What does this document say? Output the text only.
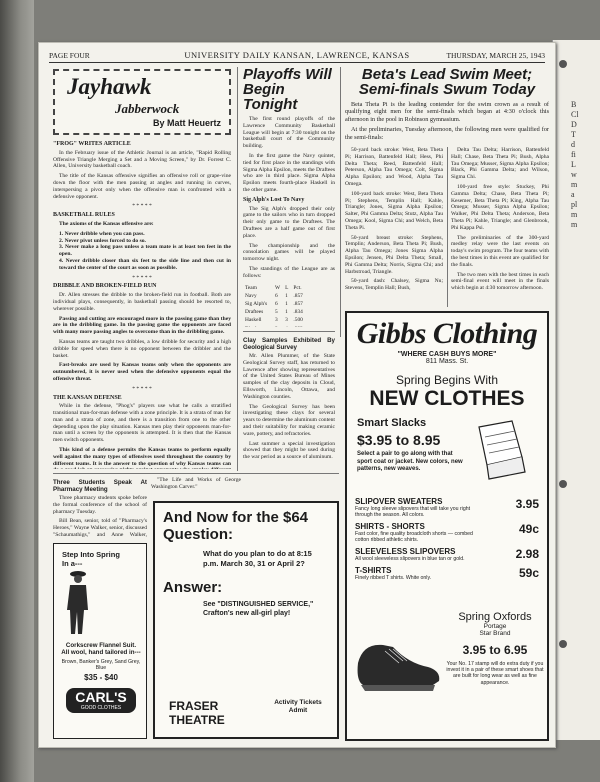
B
Cl
D
T
d
fi
L
w
m
a
pl
m
m
PAGE FOUR	UNIVERSITY DAILY KANSAN, LAWRENCE, KANSAS	THURSDAY, MARCH 25, 1943
Jayhawk
Jabberwock
By Matt Heuertz
"FROG" WRITES ARTICLE

In the February issue of the Athletic Journal is an article, "Rapid Rolling Offensive Triangle Merging a Set and a Moving Screen," by Dr. Forrest C. Allen, University basketball coach.

The title of the Kansas offensive signifies an offensive roll or grape-vine down the floor with the men passing at angles and running in curves, interspersing a pivot only when the offensive man is confronted with a defensive opponent.

* * * * *
BASKETBALL RULES

The axioms of the Kansas offensive are:

1. Never dribble when you can pass.
2. Never pivot unless forced to do so.
3. Never make a long pass unless a team mate is at least ten feet in the open.
4. Never dribble closer than six feet to the side line and then cut in toward the center of the court as soon as possible.
* * * * *
DRIBBLE AND BROKEN-FIELD RUN

Dr. Allen stresses the dribble to the broken-field run in football. Both are individual plays, consequently, in basketball passing should be resorted to, wherever possible.

Passing and cutting are encouraged more in the passing game than they are in the dribbling game. In the passing game the opponents are faced with many more passing angles to overcome than in the dribbling game.

Kansas teams are taught two dribbles, a low dribble for security and a high dribble for speed when there is no opponent between the dribbler and the basket.

Fast-breaks are used by Kansas teams only when the opponents are outnumbered, it is never used when the defensive opponents equal the offensive threat.

* * * * *
THE KANSAN DEFENSE

While in the defense, "Phog's" players use what he calls a stratified transitional man-for-man defense with a zone principle. It is a strata of man for man and a strata of zone, and there is a transition from one to the other depending upon the play situation. Kansas men play their opponents man-for-man until a screen by the opponents is attempted. It is then that the Kansas men switch opponents.

This kind of a defense permits the Kansas teams to perform equally well against the many types of offensives used throughout the country by different teams. It is the answer to the question of why Kansas teams can

Playoffs Will Begin Tonight

The first round playoffs of the Lawrence Community Basketball League will begin at 7:30 tonight on the basketball court of the Community building.

In the first game the Navy quintet, tied for first place in the standings with Sigma Alpha Epsilon, meets the Draftees who are in third place. Sigma Alpha Epsilon meets fourth-place Haskell in the other game.

Sig Alph's Lost To Navy

The Sig Alph's dropped their only game to the sailors who in turn dropped their only game to the Draftees. The Draftees are a half game out of first place.

The championship and the consolation games will be played tomorrow night.

The standings of the League are as follows:

Team	W	L	Pct.
Navy	6	1	.857
Sig Alph's	6	1	.857
Draftees	5	1	.834
Haskell	3	3	.500

Clay Samples Exhibited By Geological Survey

Mr. Allen Plummer, of the State Geological Survey staff, has returned to Lawrence after showing representatives of the United States Bureau of Mines samples of the clay deposits in Cloud, Ellsworth, Lincoln, Ottawa, and Washington counties.

The Geological Survey has been investigating these clays for several years to determine the aluminum content and their suitability for making ceramic ware, pottery, and refractories.

Last summer a special investigation showed that they might be used during the war period as a source of aluminum.

Beta's Lead Swim Meet; Semi-finals Swum Today

Beta Theta Pi is the leading contender for the swim crown as a result of qualifying eight men for the semi-finals which began at 4:30 o'clock this afternoon in the pool in Robinson gymnasium.

At the preliminaries, Tuesday afternoon, the following men were qualified for the semi-finals:

50-yard back stroke: West, Beta Theta Pi; Harrison, Battenfeld Hall; Hess, Phi Delta Theta; Reed, Battenfeld Hall; Peterson, Alpha Tau Omega; Colt, Sigma Alpha Epsilon; and Wood, Alpha Tau Omega.

100-yard back stroke: West, Beta Theta Pi; Stephens, Templin Hall; Kahle, Triangle; Jones, Sigma Alpha Epsilon; Salter, Phi Gamma Delta; Stutz, Alpha Tau Omega; Kool, Sigma Chi; and Welch, Beta Theta Pi.

50-yard breast stroke: Stephens, Templin; Anderson, Beta Theta Pi; Bush, Alpha Tau Omega; Jones Sigma Alpha Epsilon; Jensen, Phi Delta Theta; Small, Phi Gamma Delta; Norris, Sigma Chi; and Harbstroad, Triangle.

50-yard dash: Chalsey, Sigma Nu; Stevens, Templin Hall; Bush,

Delta Tau Delta; Harrison, Battenfeld Hall; Chase, Beta Theta Pi; Bush, Alpha Tau Omega; Musser, Sigma Alpha Epsilon; Black, Phi Gamma Delta; and Wilson, Sigma Chi.

100-yard free style: Stuckey, Phi Gamma Delta; Chase, Beta Theta Pi; Kesemer, Beta Theta Pi; King, Alpha Tau Omega; Musser, Sigma Alpha Epsilon; Walker, Phi Delta Theta; Anderson, Beta Theta Pi; Kahle, Triangle; and Glenbrook, Phi Kappa Psi.

The preliminaries of the 300-yard medley relay were the last events on today's swim program. The four teams with the best times in this event are qualified for the finals.

The two men with the best times in each semi-final event will meet in the finals which begin at 4:30 tomorrow afternoon.

Gibbs Clothing
"WHERE CASH BUYS MORE"
811 Mass. St.
Spring Begins With
NEW CLOTHES
Smart Slacks
$3.95 to 8.95
Select a pair to go along with that sport coat or jacket. New colors, new patterns, new weaves.
SLIPOVER SWEATERS
Fancy long sleeve slipovers that will take you right through the season. All colors.
3.95
SHIRTS - SHORTS
Fast color, fine quality broadcloth shorts — combed cotton ribbed athletic shirts.
49c
SLEEVELESS SLIPOVERS
All wool sleeveless slipovers in blue tan or gold.	2.98
T-SHIRTS
Finely ribbed T shirts. White only.	59c
Spring Oxfords
Portage
Star Brand
3.95 to 6.95
Your No. 17 stamp will do extra duty if you invest it in a pair of these smart shoes that are built for long wear as well as fine appearance.
Three Students Speak At Pharmacy Meeting

Three pharmacy students spoke before the formal conference of the school of pharmacy Tuesday.

Bill Bean, senior, told of "Pharmacy's Heroes," Wayne Walker, senior, discussed "Schaumathigs," and Anne Walker,

"The Life and Works of George Washington Carver."

Step Into Spring
In a---
Corkscrew Flannel Suit.
All wool, hand tailored in---
Brown, Banker's Grey, Sand Grey, Blue
$35 - $40
CARL'S
GOOD CLOTHES
And Now for the $64
Question:
What do you plan to do at 8:15 p.m. March 30, 31 or April 2?
Answer:
See "DISTINGUISHED SERVICE," Crafton's new all-girl play!
FRASER
THEATRE
Activity Tickets Admit
